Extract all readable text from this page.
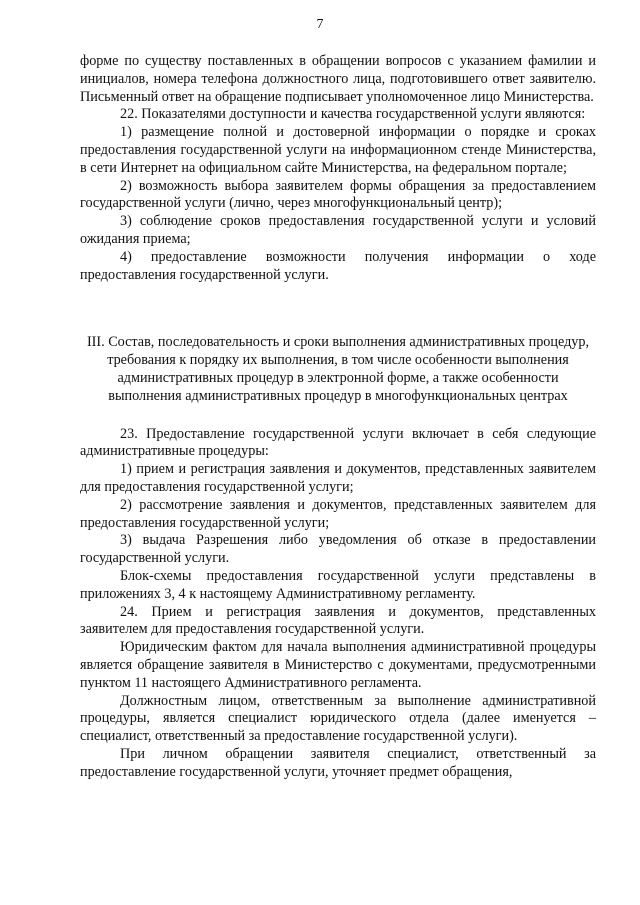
7

форме по существу поставленных в обращении вопросов с указанием фамилии и инициалов, номера телефона должностного лица, подготовившего ответ заявителю. Письменный ответ на обращение подписывает уполномоченное лицо Министерства.

22. Показателями доступности и качества государственной услуги являются:

1) размещение полной и достоверной информации о порядке и сроках предоставления государственной услуги на информационном стенде Министерства, в сети Интернет на официальном сайте Министерства, на федеральном портале;

2) возможность выбора заявителем формы обращения за предоставлением государственной услуги (лично, через многофункциональный центр);

3) соблюдение сроков предоставления государственной услуги и условий ожидания приема;

4) предоставление возможности получения информации о ходе предоставления государственной услуги.

III. Состав, последовательность и сроки выполнения административных процедур, требования к порядку их выполнения, в том числе особенности выполнения административных процедур в электронной форме, а также особенности выполнения административных процедур в многофункциональных центрах

23. Предоставление государственной услуги включает в себя следующие административные процедуры:

1) прием и регистрация заявления и документов, представленных заявителем для предоставления государственной услуги;

2) рассмотрение заявления и документов, представленных заявителем для предоставления государственной услуги;

3) выдача Разрешения либо уведомления об отказе в предоставлении государственной услуги.

Блок-схемы предоставления государственной услуги представлены в приложениях 3, 4 к настоящему Административному регламенту.

24. Прием и регистрация заявления и документов, представленных заявителем для предоставления государственной услуги.

Юридическим фактом для начала выполнения административной процедуры является обращение заявителя в Министерство с документами, предусмотренными пунктом 11 настоящего Административного регламента.

Должностным лицом, ответственным за выполнение административной процедуры, является специалист юридического отдела (далее именуется – специалист, ответственный за предоставление государственной услуги).

При личном обращении заявителя специалист, ответственный за предоставление государственной услуги, уточняет предмет обращения,
